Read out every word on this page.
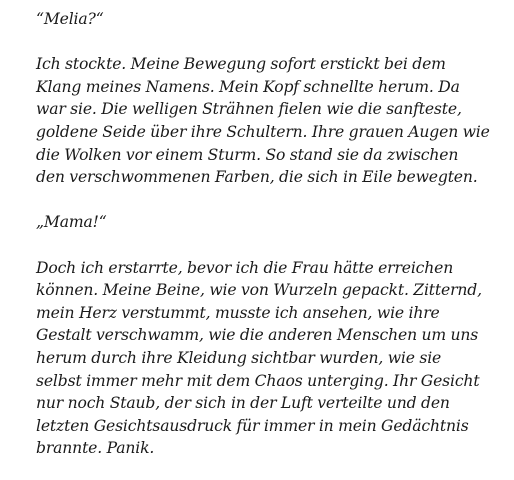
“Melia?“

Ich stockte. Meine Bewegung sofort erstickt bei dem
Klang meines Namens. Mein Kopf schnellte herum. Da
war sie. Die welligen Strähnen fielen wie die sanfteste,
goldene Seide über ihre Schultern. Ihre grauen Augen wie
die Wolken vor einem Sturm. So stand sie da zwischen
den verschwommenen Farben, die sich in Eile bewegten.

„Mama!“

Doch ich erstarrte, bevor ich die Frau hätte erreichen
können. Meine Beine, wie von Wurzeln gepackt. Zitternd,
mein Herz verstummt, musste ich ansehen, wie ihre
Gestalt verschwamm, wie die anderen Menschen um uns
herum durch ihre Kleidung sichtbar wurden, wie sie
selbst immer mehr mit dem Chaos unterging. Ihr Gesicht
nur noch Staub, der sich in der Luft verteilte und den
letzten Gesichtsausdruck für immer in mein Gedächtnis
brannte. Panik.
